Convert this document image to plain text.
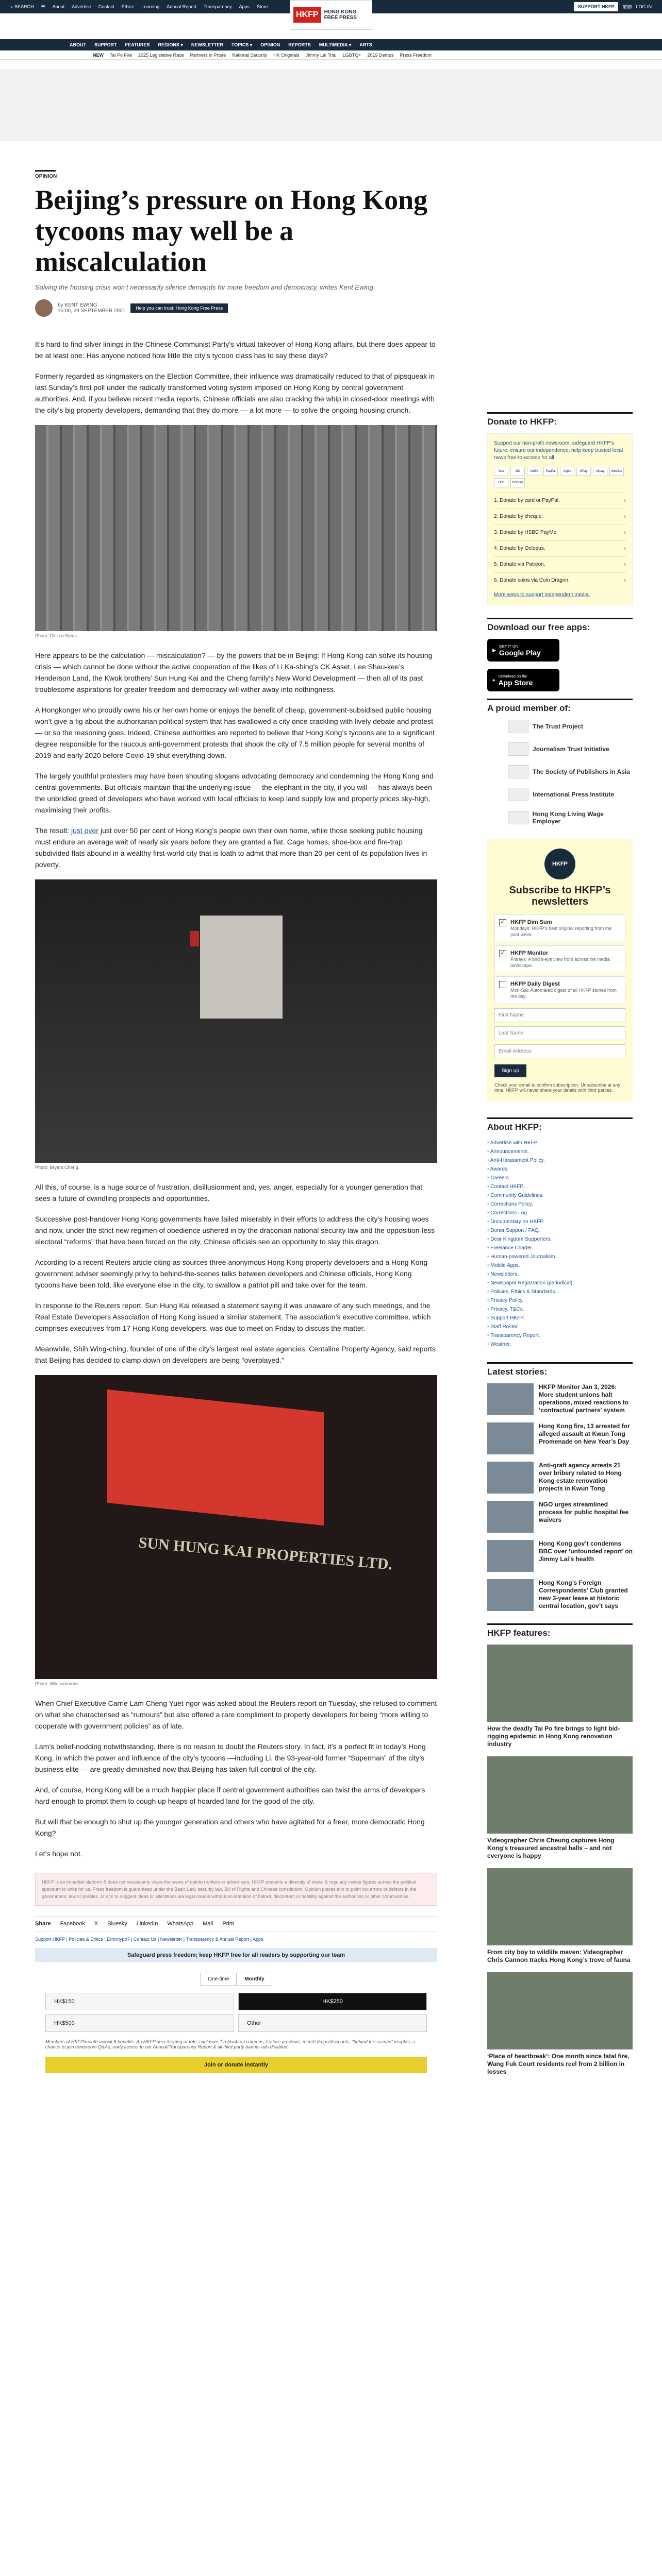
⌕ SEARCH ☰ About Advertise Contact Ethics Learning Annual Report Transparency Apps Store	SUPPORT HKFP	繁體 LOG IN
HKFP	HONG KONG
FREE PRESS
ABOUT SUPPORT FEATURES REGIONS ▾ NEWSLETTER TOPICS ▾ OPINION REPORTS MULTIMEDIA ▾ ARTS
NEW Tai Po Fire 2025 Legislative Race Partners in Prose National Security HK Originals Jimmy Lai Trial LGBTQ+ 2019 Demos Press Freedom
OPINION
Beijing’s pressure on Hong Kong tycoons may well be a miscalculation
Solving the housing crisis won’t necessarily silence demands for more freedom and democracy, writes Kent Ewing.
by KENT EWING
15:00, 29 SEPTEMBER 2021	Help you can trust: Hong Kong Free Press

It’s hard to find silver linings in the Chinese Communist Party’s virtual takeover of Hong Kong affairs, but there does appear to be at least one: Has anyone noticed how little the city’s tycoon class has to say these days?

Formerly regarded as kingmakers on the Election Committee, their influence was dramatically reduced to that of pipsqueak in last Sunday’s first poll under the radically transformed voting system imposed on Hong Kong by central government authorities. And, if you believe recent media reports, Chinese officials are also cracking the whip in closed-door meetings with the city’s big property developers, demanding that they do more — a lot more — to solve the ongoing housing crunch.

Photo: Citizen News.

Here appears to be the calculation — miscalculation? — by the powers that be in Beijing: If Hong Kong can solve its housing crisis — which cannot be done without the active cooperation of the likes of Li Ka-shing’s CK Asset, Lee Shau-kee’s Henderson Land, the Kwok brothers’ Sun Hung Kai and the Cheng family’s New World Development — then all of its past troublesome aspirations for greater freedom and democracy will wither away into nothingness.

A Hongkonger who proudly owns his or her own home or enjoys the benefit of cheap, government-subsidised public housing won’t give a fig about the authoritarian political system that has swallowed a city once crackling with lively debate and protest — or so the reasoning goes. Indeed, Chinese authorities are reported to believe that Hong Kong’s tycoons are to a significant degree responsible for the raucous anti-government protests that shook the city of 7.5 million people for several months of 2019 and early 2020 before Covid-19 shut everything down.

The largely youthful protesters may have been shouting slogans advocating democracy and condemning the Hong Kong and central governments. But officials maintain that the underlying issue — the elephant in the city, if you will — has always been the unbridled greed of developers who have worked with local officials to keep land supply low and property prices sky-high, maximising their profits.

The result: just over just over 50 per cent of Hong Kong’s people own their own home, while those seeking public housing must endure an average wait of nearly six years before they are granted a flat. Cage homes, shoe-box and fire-trap subdivided flats abound in a wealthy first-world city that is loath to admit that more than 20 per cent of its population lives in poverty.

Photo: Bryant Cheng.

All this, of course, is a huge source of frustration, disillusionment and, yes, anger, especially for a younger generation that sees a future of dwindling prospects and opportunities.

Successive post-handover Hong Kong governments have failed miserably in their efforts to address the city’s housing woes and now, under the strict new regimen of obedience ushered in by the draconian national security law and the opposition-less electoral “reforms” that have been forced on the city, Chinese officials see an opportunity to slay this dragon.

According to a recent Reuters article citing as sources three anonymous Hong Kong property developers and a Hong Kong government adviser seemingly privy to behind-the-scenes talks between developers and Chinese officials, Hong Kong tycoons have been told, like everyone else in the city, to swallow a patriot pill and take over for the team.

In response to the Reuters report, Sun Hung Kai released a statement saying it was unaware of any such meetings, and the Real Estate Developers Association of Hong Kong issued a similar statement. The association’s executive committee, which comprises executives from 17 Hong Kong developers, was due to meet on Friday to discuss the matter.

Meanwhile, Shih Wing-ching, founder of one of the city’s largest real estate agencies, Centaline Property Agency, said reports that Beijing has decided to clamp down on developers are being “overplayed.”

SUN HUNG KAI PROPERTIES LTD.
Photo: Wikicommons.

When Chief Executive Carrie Lam Cheng Yuet-ngor was asked about the Reuters report on Tuesday, she refused to comment on what she characterised as “rumours” but also offered a rare compliment to property developers for being “more willing to cooperate with government policies” as of late.

Lam’s belief-nodding notwithstanding, there is no reason to doubt the Reuters story. In fact, it’s a perfect fit in today’s Hong Kong, in which the power and influence of the city’s tycoons —including Li, the 93-year-old former “Superman” of the city’s business elite — are greatly diminished now that Beijing has taken full control of the city.

And, of course, Hong Kong will be a much happier place if central government authorities can twist the arms of developers hard enough to prompt them to cough up heaps of hoarded land for the good of the city.

But will that be enough to shut up the younger generation and others who have agitated for a freer, more democratic Hong Kong?

Let’s hope not.

HKFP is an impartial platform & does not necessarily share the views of opinion writers or advertisers. HKFP presents a diversity of views & regularly invites figures across the political spectrum to write for us. Press freedom is guaranteed under the Basic Law, security law, Bill of Rights and Chinese constitution. Opinion pieces aim to point out errors or defects in the government, law or policies, or aim to suggest ideas or alterations via legal means without an intention of hatred, discontent or hostility against the authorities or other communities.
Share Facebook X Bluesky LinkedIn WhatsApp Mail Print
Support HKFP | Policies & Ethics | Error/typo? | Contact Us | Newsletter | Transparency & Annual Report | Apps
Safeguard press freedom; keep HKFP free for all readers by supporting our team
One-time	Monthly
HK$150	HK$250
HK$500	Other
Members of HKFP/month unlock 6 benefits: An HKFP deer keyring or tote; exclusive Tin Hanbeat columns; feature previews; merch drops/discounts; "behind the scenes" insights; a chance to join newsroom Q&As; early access to our Annual/Transparency Report & all third-party banner ads disabled.
Join or donate instantly
Donate to HKFP:
Support our non-profit newsroom: safeguard HKFP’s future, ensure our independence, help keep trusted local news free-to-access for all.
Visa	MC	AmEx	PayPal	Apple	GPay	Alipay	WeChat
FPS	Octopus
1. Donate by card or PayPal.	›
2. Donate by cheque.	›
3. Donate by HSBC PayMe.	›
4. Donate by Octopus.	›
5. Donate via Patreon.	›
6. Donate coins via Coin Dragon.	›
More ways to support independent media.
Download our free apps:
▶
GET IT ON
Google Play
●
Download on the
App Store
A proud member of:
The Trust Project
Journalism Trust Initiative
The Society of Publishers in Asia
International Press Institute
Hong Kong Living Wage Employer
HKFP
Subscribe to HKFP’s newsletters
✓ HKFP Dim Sum
Mondays: HKFP's best original reporting from the past week.
✓ HKFP Monitor
Fridays: A bird's-eye view from across the media landscape.
HKFP Daily Digest
Mon-Sat: Automated digest of all HKFP stories from the day.
First Name
Last Name
Email Address
Sign up
Check your email to confirm subscription. Unsubscribe at any time. HKFP will never share your details with third parties.
About HKFP:
• Advertise with HKFP.
• Announcements.
• Anti-Harassment Policy.
• Awards.
• Careers.
• Contact HKFP.
• Community Guidelines.
• Corrections Policy.
• Corrections Log.
• Documentary on HKFP.
• Donor Support / FAQ.
• Dear Kingdom Supporters.
• Freelance Charter.
• Human-powered Journalism.
• Mobile Apps.
• Newsletters.
• Newspaper Registration (periodical).
• Policies, Ethics & Standards.
• Privacy Policy.
• Privacy, T&Cs.
• Support HKFP.
• Staff Roster.
• Transparency Report.
• Weather.
Latest stories:
HKFP Monitor Jan 3, 2026: More student unions halt operations, mixed reactions to ‘contractual partners’ system
Hong Kong fire, 13 arrested for alleged assault at Kwun Tong Promenade on New Year’s Day
Anti-graft agency arrests 21 over bribery related to Hong Kong estate renovation projects in Kwun Tong
NGO urges streamlined process for public hospital fee waivers
Hong Kong gov’t condemns BBC over ‘unfounded report’ on Jimmy Lai’s health
Hong Kong’s Foreign Correspondents’ Club granted new 3-year lease at historic central location, gov’t says
HKFP features:
How the deadly Tai Po fire brings to light bid-rigging epidemic in Hong Kong renovation industry
Videographer Chris Cheung captures Hong Kong’s treasured ancestral halls – and not everyone is happy
From city boy to wildlife maven: Videographer Chris Cannon tracks Hong Kong’s trove of fauna
‘Place of heartbreak’: One month since fatal fire, Wang Fuk Court residents reel from 2 billion in losses
